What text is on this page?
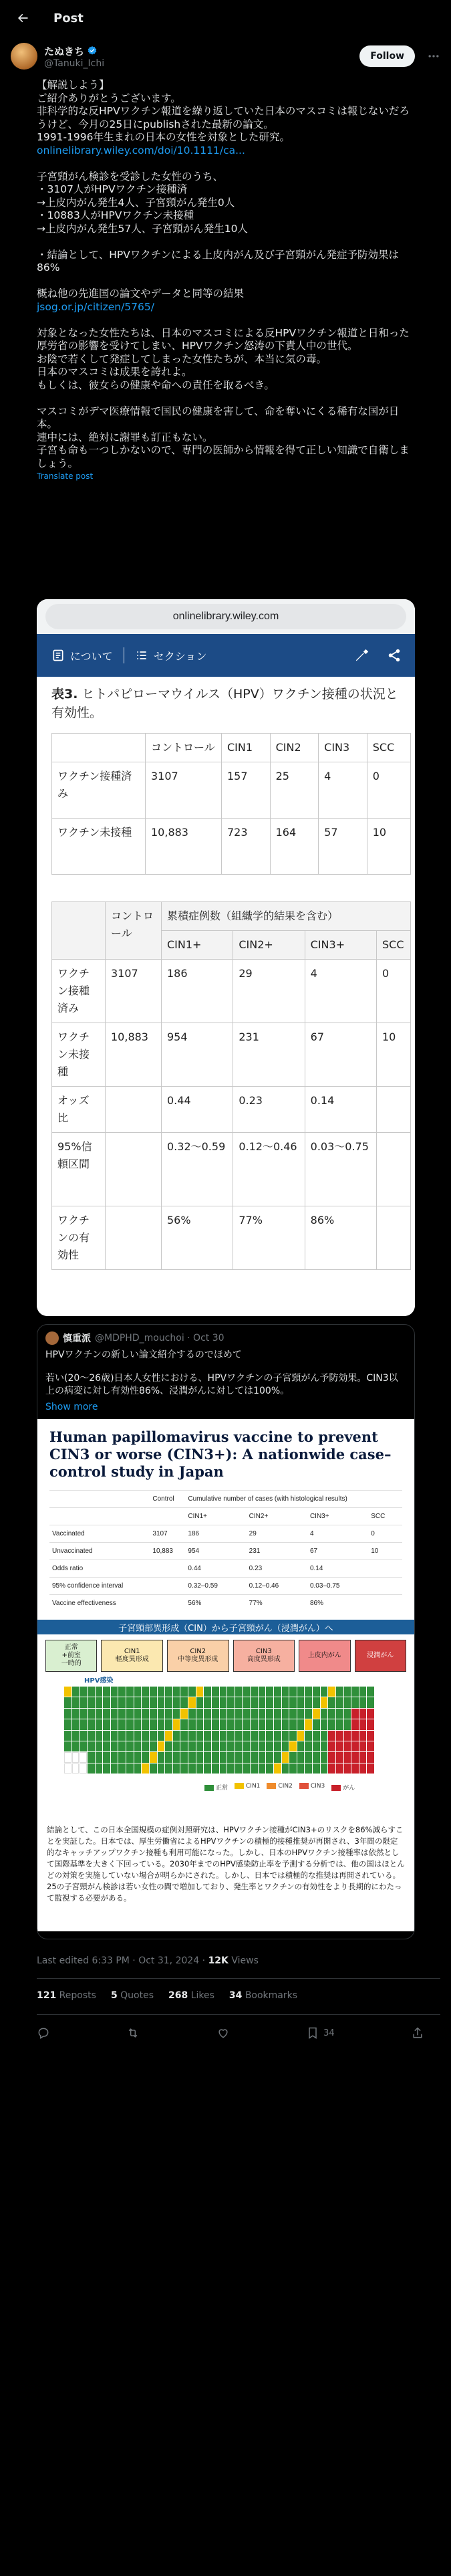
Post
たぬきち
@Tanuki_Ichi
Follow
【解説しよう】
ご紹介ありがとうございます。
非科学的な反HPVワクチン報道を繰り返していた日本のマスコミは報じないだろうけど、今月の25日にpublishされた最新の論文。
1991-1996年生まれの日本の女性を対象とした研究。
onlinelibrary.wiley.com/doi/10.1111/ca...

子宮頸がん検診を受診した女性のうち、
・3107人がHPVワクチン接種済
→上皮内がん発生4人、子宮頸がん発生0人
・10883人がHPVワクチン未接種
→上皮内がん発生57人、子宮頸がん発生10人

・結論として、HPVワクチンによる上皮内がん及び子宮頸がん発症予防効果は86%

概ね他の先進国の論文やデータと同等の結果
jsog.or.jp/citizen/5765/

対象となった女性たちは、日本のマスコミによる反HPVワクチン報道と日和った厚労省の影響を受けてしまい、HPVワクチン怒涛の下責人中の世代。
お陰で若くして発症してしまった女性たちが、本当に気の毒。
日本のマスコミは成果を誇れよ。
もしくは、彼女らの健康や命への責任を取るべき。

マスコミがデマ医療情報で国民の健康を害して、命を奪いにくる稀有な国が日本。
連中には、絶対に謝罪も訂正もない。
子宮も命も一つしかないので、専門の医師から情報を得て正しい知識で自衛しましょう。
Translate post
onlinelibrary.wiley.com
について	セクション
表3. ヒトパピローマウイルス（HPV）ワクチン接種の状況と有効性。
	コントロール	CIN1	CIN2	CIN3	SCC
ワクチン接種済み	3107	157	25	4	0
ワクチン未接種	10,883	723	164	57	10
	コントロール	累積症例数（組織学的結果を含む）			
		CIN1+	CIN2+	CIN3+	SCC
ワクチン接種済み	3107	186	29	4	0
ワクチン未接種	10,883	954	231	67	10
オッズ比		0.44	0.23	0.14	
95%信頼区間		0.32〜0.59	0.12〜0.46	0.03〜0.75	
ワクチンの有効性		56%	77%	86%	
慎重派 @MDPHD_mouchoi · Oct 30
HPVワクチンの新しい論文紹介するのでほめて
若い(20〜26歳)日本人女性における、HPVワクチンの子宮頸がん予防効果。CIN3以上の病変に対し有効性86%、浸潤がんに対しては100%。
Show more
Human papillomavirus vaccine to prevent CIN3 or worse (CIN3+): A nationwide case–control study in Japan
	Control	Cumulative number of cases (with histological results)			
		CIN1+	CIN2+	CIN3+	SCC
Vaccinated	3107	186	29	4	0
Unvaccinated	10,883	954	231	67	10
Odds ratio		0.44	0.23	0.14	
95% confidence interval		0.32–0.59	0.12–0.46	0.03–0.75	
Vaccine effectiveness		56%	77%	86%	
子宮頸部異形成（CIN）から子宮頸がん（浸潤がん）へ
正常
+前室
一時的
CIN1
軽度異形成
CIN2
中等度異形成
CIN3
高度異形成
上皮内がん	浸潤がん
HPV感染
正常	CIN1	CIN2	CIN3	がん
結論として、この日本全国規模の症例対照研究は、HPVワクチン接種がCIN3+のリスクを86%減らすことを実証した。日本では、厚生労働省によるHPVワクチンの積極的接種推奨が再開され、3年間の限定的なキャッチアップワクチン接種も利用可能になった。しかし、日本のHPVワクチン接種率は依然として国際基準を大きく下回っている。2030年までのHPV感染防止率を予測する分析では、他の国はほとんどの対策を実施していない場合が明らかにされた。しかし、日本では積極的な推奨は再開されている。25の子宮頸がん検診は若い女性の間で増加しており、発生率とワクチンの有効性をより長期的にわたって監視する必要がある。
Last edited 6:33 PM · Oct 31, 2024 · 12K Views
121 Reposts 5 Quotes 268 Likes 34 Bookmarks
34
